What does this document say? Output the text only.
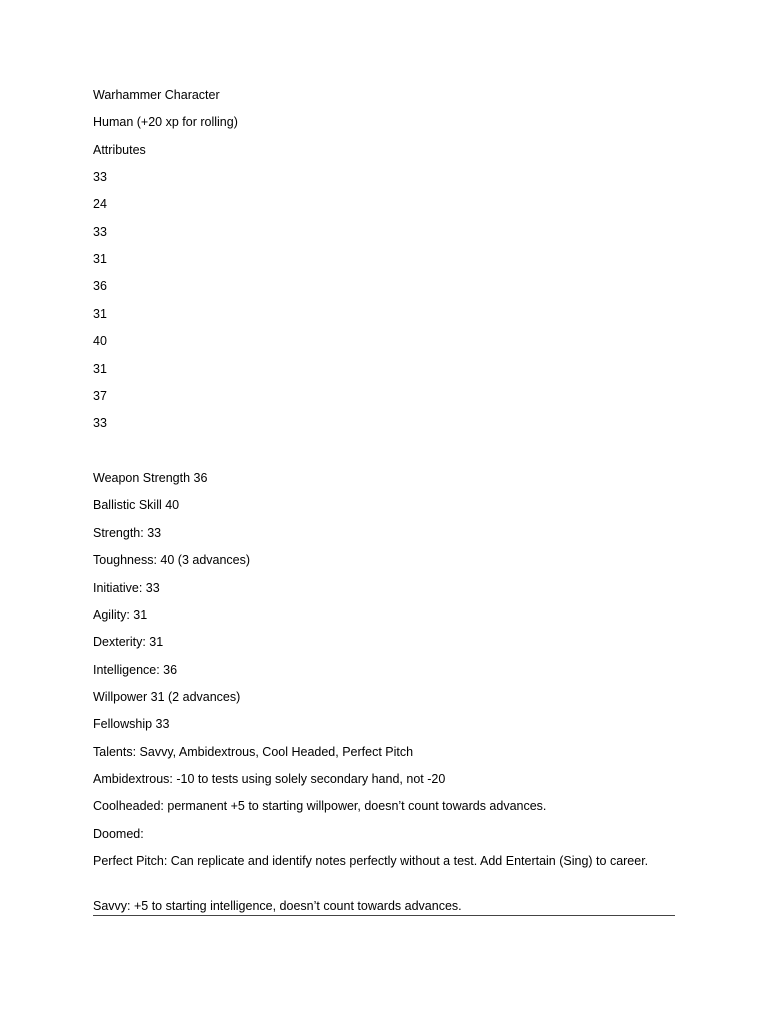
Warhammer Character
Human (+20 xp for rolling)
Attributes
33
24
33
31
36
31
40
31
37
33
Weapon Strength 36
Ballistic Skill 40
Strength: 33
Toughness: 40 (3 advances)
Initiative: 33
Agility: 31
Dexterity: 31
Intelligence: 36
Willpower 31 (2 advances)
Fellowship 33
Talents: Savvy, Ambidextrous, Cool Headed, Perfect Pitch
Ambidextrous: -10 to tests using solely secondary hand, not -20
Coolheaded: permanent +5 to starting willpower, doesn’t count towards advances.
Doomed:
Perfect Pitch: Can replicate and identify notes perfectly without a test. Add Entertain (Sing) to career.
Savvy: +5 to starting intelligence, doesn’t count towards advances.
